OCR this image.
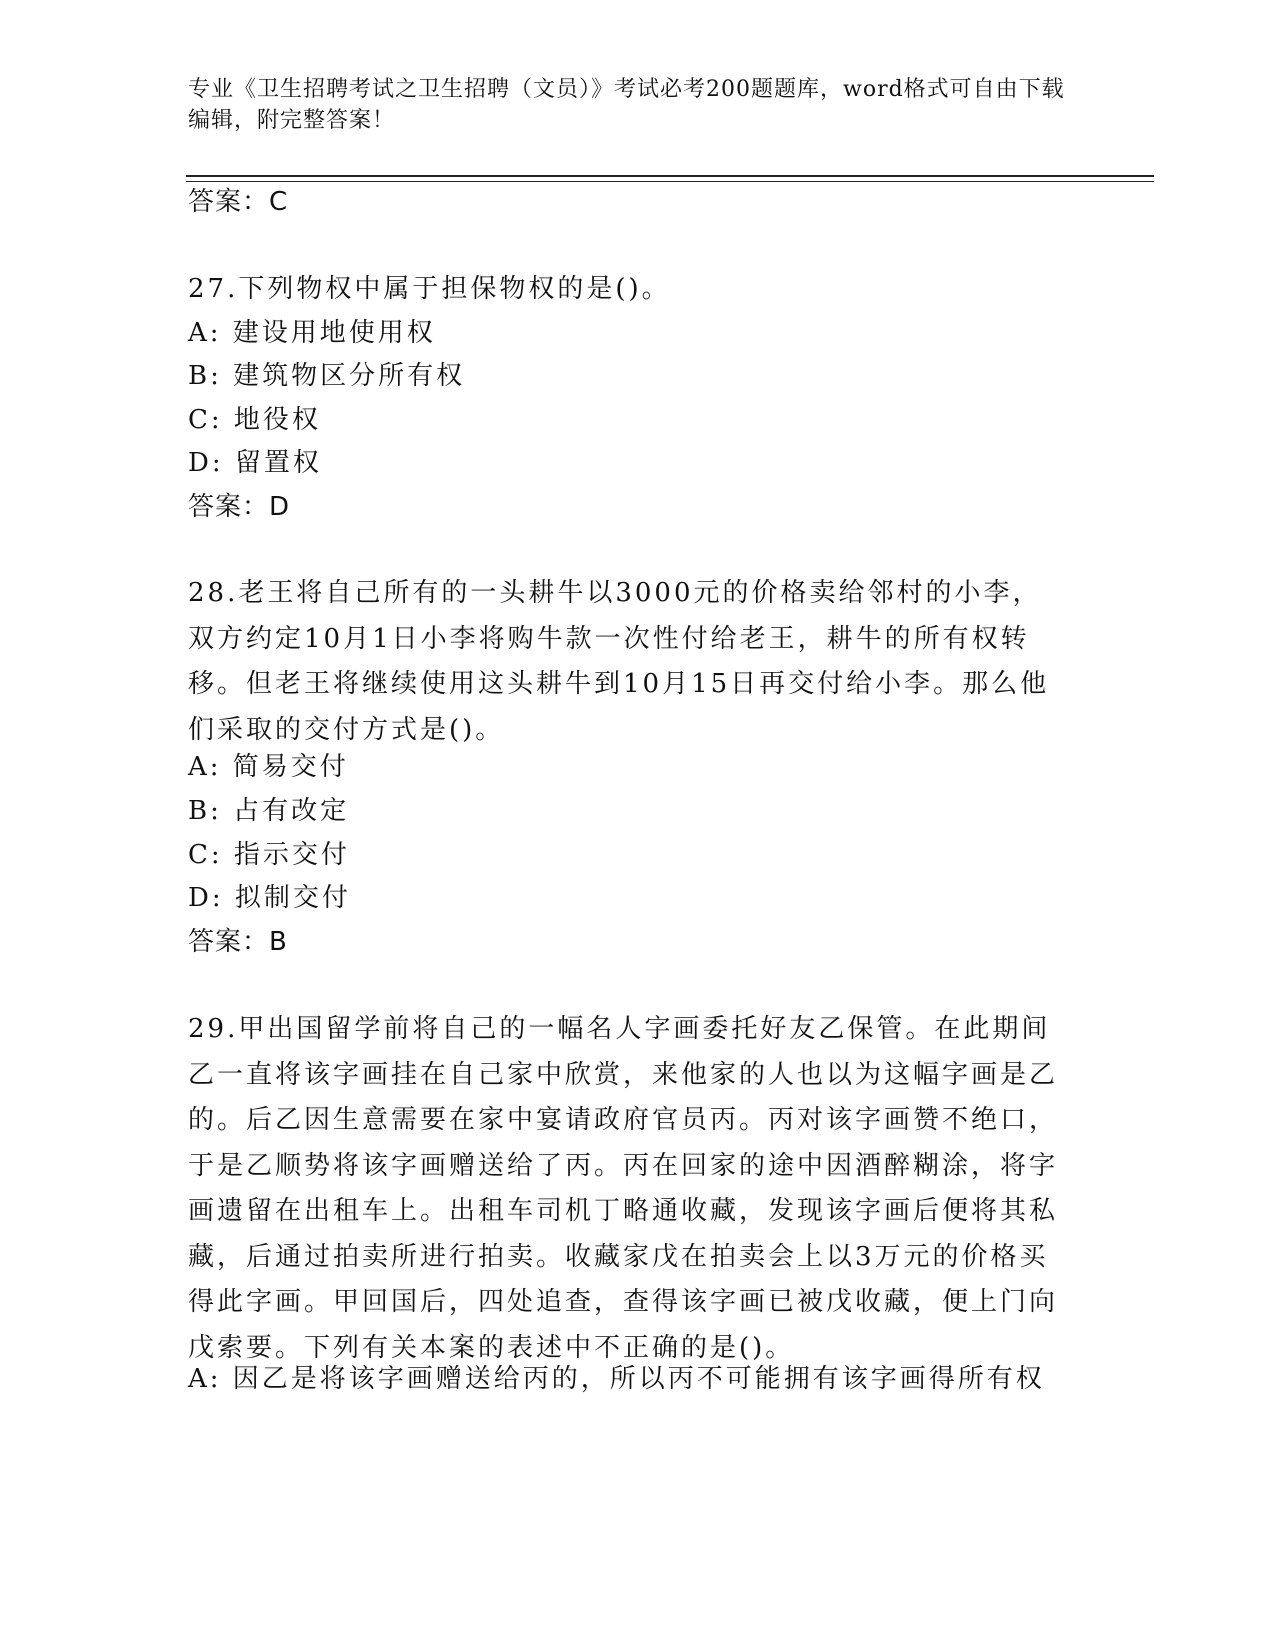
专业《卫生招聘考试之卫生招聘（文员）》考试必考200题题库，word格式可自由下载编辑，附完整答案！
答案：C
27.下列物权中属于担保物权的是()。
A: 建设用地使用权
B: 建筑物区分所有权
C: 地役权
D: 留置权
答案：D
28.老王将自己所有的一头耕牛以3000元的价格卖给邻村的小李，双方约定10月1日小李将购牛款一次性付给老王，耕牛的所有权转移。但老王将继续使用这头耕牛到10月15日再交付给小李。那么他们采取的交付方式是()。
A: 简易交付
B: 占有改定
C: 指示交付
D: 拟制交付
答案：B
29.甲出国留学前将自己的一幅名人字画委托好友乙保管。在此期间乙一直将该字画挂在自己家中欣赏，来他家的人也以为这幅字画是乙的。后乙因生意需要在家中宴请政府官员丙。丙对该字画赞不绝口，于是乙顺势将该字画赠送给了丙。丙在回家的途中因酒醉糊涂，将字画遗留在出租车上。出租车司机丁略通收藏，发现该字画后便将其私藏，后通过拍卖所进行拍卖。收藏家戊在拍卖会上以3万元的价格买得此字画。甲回国后，四处追查，查得该字画已被戊收藏，便上门向戊索要。下列有关本案的表述中不正确的是()。
A: 因乙是将该字画赠送给丙的，所以丙不可能拥有该字画得所有权
